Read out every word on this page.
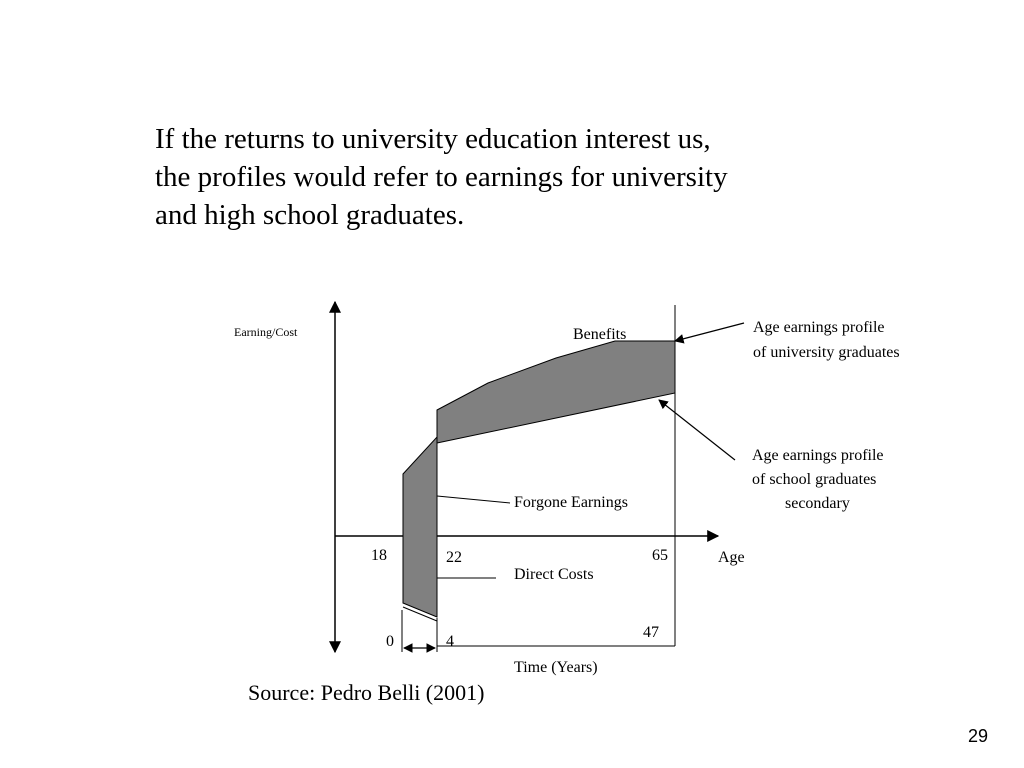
If the returns to university education interest us,
the profiles would refer to earnings for university
and high school graduates.
Earning/Cost	Benefits	Age earnings profile of university graduates
Age earnings profile of school graduates secondary
Forgone Earnings
Direct Costs
18	22	65	Age
0	4
47
Time (Years)
Source: Pedro Belli (2001)
29
